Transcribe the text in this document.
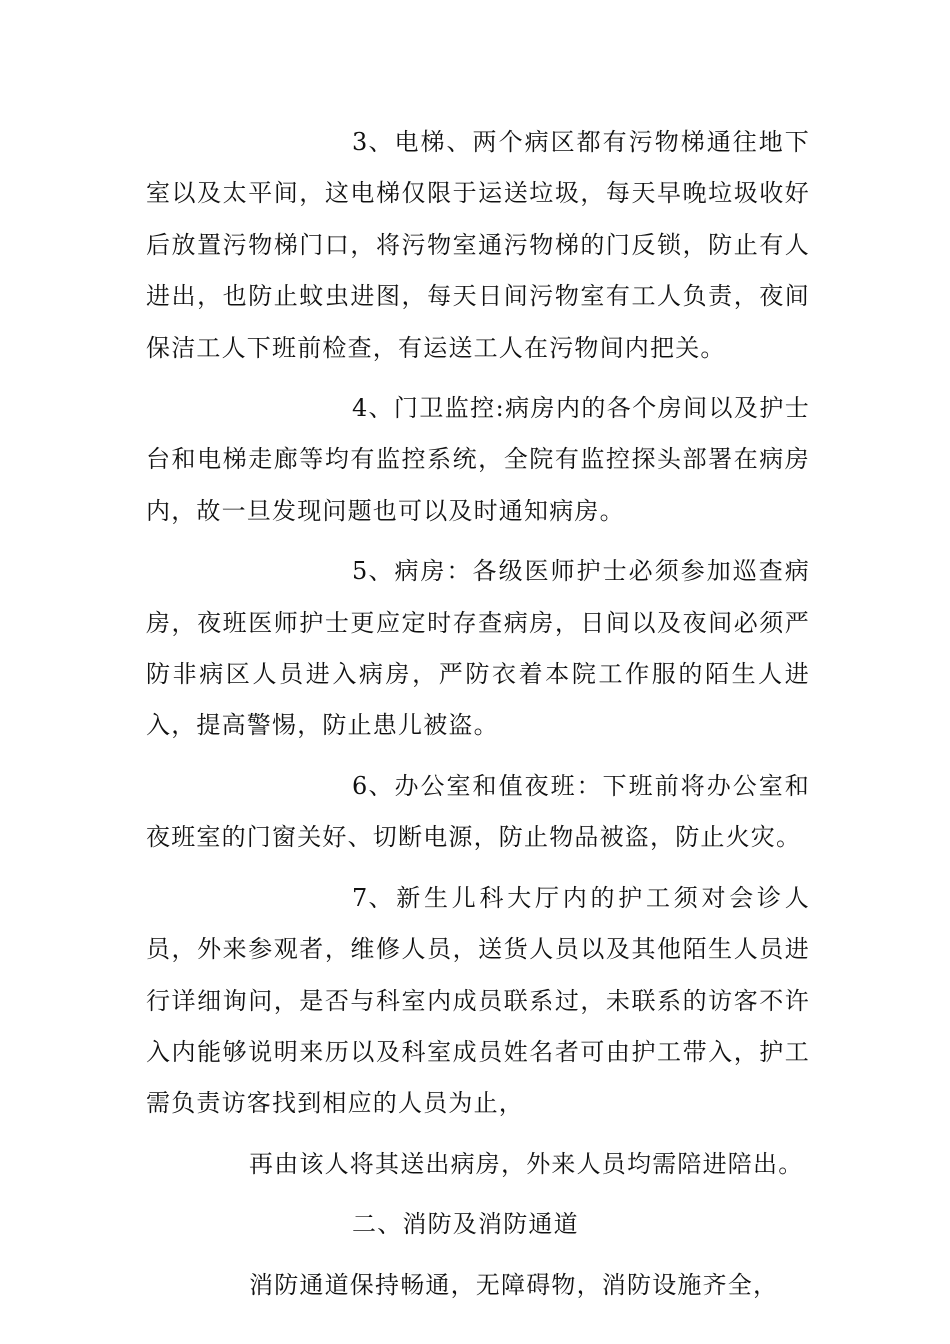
3、电梯、两个病区都有污物梯通往地下室以及太平间，这电梯仅限于运送垃圾，每天早晚垃圾收好后放置污物梯门口，将污物室通污物梯的门反锁，防止有人进出，也防止蚊虫进图，每天日间污物室有工人负责，夜间保洁工人下班前检查，有运送工人在污物间内把关。

4、门卫监控:病房内的各个房间以及护士台和电梯走廊等均有监控系统，全院有监控探头部署在病房内，故一旦发现问题也可以及时通知病房。

5、病房：各级医师护士必须参加巡查病房，夜班医师护士更应定时存查病房，日间以及夜间必须严防非病区人员进入病房，严防衣着本院工作服的陌生人进入，提高警惕，防止患儿被盗。

6、办公室和值夜班：下班前将办公室和夜班室的门窗关好、切断电源，防止物品被盗，防止火灾。

7、新生儿科大厅内的护工须对会诊人员，外来参观者，维修人员，送货人员以及其他陌生人员进行详细询问，是否与科室内成员联系过，未联系的访客不许入内能够说明来历以及科室成员姓名者可由护工带入，护工需负责访客找到相应的人员为止，

再由该人将其送出病房，外来人员均需陪进陪出。

二、消防及消防通道

消防通道保持畅通，无障碍物，消防设施齐全，
